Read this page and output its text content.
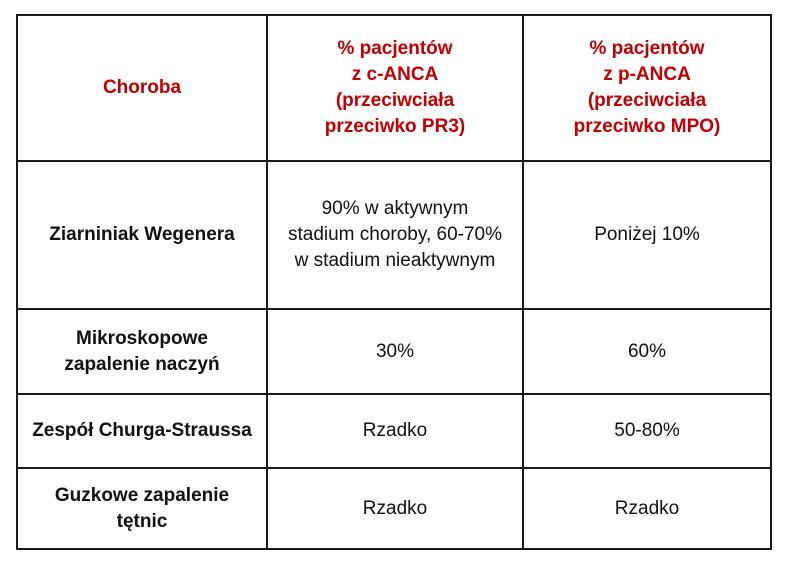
Choroba	% pacjentów
z c-ANCA
(przeciwciała
przeciwko PR3)	% pacjentów
z p-ANCA
(przeciwciała
przeciwko MPO)
Ziarniniak Wegenera	90% w aktywnym
stadium choroby, 60-70%
w stadium nieaktywnym	Poniżej 10%
Mikroskopowe
zapalenie naczyń	30%	60%
Zespół Churga-Straussa	Rzadko	50-80%
Guzkowe zapalenie
tętnic	Rzadko	Rzadko
